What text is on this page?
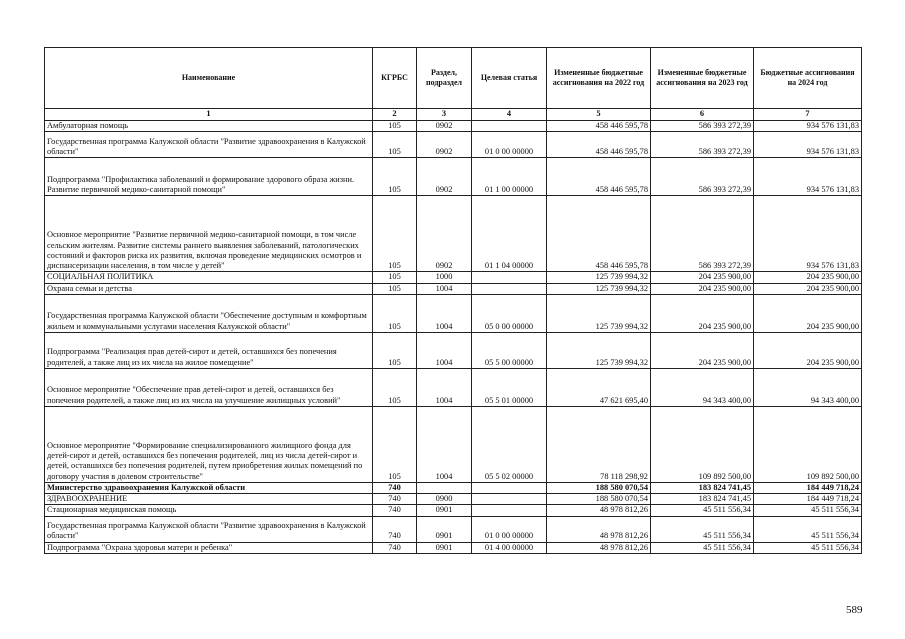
Наименование	КГРБС	Раздел, подраздел	Целевая статья	Измененные бюджетные ассигнования на 2022 год	Измененные бюджетные ассигнования на 2023 год	Бюджетные ассигнования на 2024 год
1	2	3	4	5	6	7
Амбулаторная помощь	105	0902		458 446 595,78	586 393 272,39	934 576 131,83
Государственная программа Калужской области "Развитие здравоохранения в Калужской области"	105	0902	01 0 00 00000	458 446 595,78	586 393 272,39	934 576 131,83
Подпрограмма "Профилактика заболеваний и формирование здорового образа жизни. Развитие первичной медико-санитарной помощи"	105	0902	01 1 00 00000	458 446 595,78	586 393 272,39	934 576 131,83
Основное мероприятие "Развитие первичной медико-санитарной помощи, в том числе сельским жителям. Развитие системы раннего выявления заболеваний, патологических состояний и факторов риска их развития, включая проведение медицинских осмотров и диспансеризации населения, в том числе у детей"	105	0902	01 1 04 00000	458 446 595,78	586 393 272,39	934 576 131,83
СОЦИАЛЬНАЯ ПОЛИТИКА	105	1000		125 739 994,32	204 235 900,00	204 235 900,00
Охрана семьи и детства	105	1004		125 739 994,32	204 235 900,00	204 235 900,00
Государственная программа Калужской области "Обеспечение доступным и комфортным жильем и коммунальными услугами населения Калужской области"	105	1004	05 0 00 00000	125 739 994,32	204 235 900,00	204 235 900,00
Подпрограмма "Реализация прав детей-сирот и детей, оставшихся без попечения родителей, а также лиц из их числа на жилое помещение"	105	1004	05 5 00 00000	125 739 994,32	204 235 900,00	204 235 900,00
Основное мероприятие "Обеспечение прав детей-сирот и детей, оставшихся без попечения родителей, а также лиц из их числа на улучшение жилищных условий"	105	1004	05 5 01 00000	47 621 695,40	94 343 400,00	94 343 400,00
Основное мероприятие "Формирование специализированного жилищного фонда для детей-сирот и детей, оставшихся без попечения родителей, лиц из числа детей-сирот и детей, оставшихся без попечения родителей, путем приобретения жилых помещений по договору участия в долевом строительстве"	105	1004	05 5 02 00000	78 118 298,92	109 892 500,00	109 892 500,00
Министерство здравоохранения Калужской области	740			188 580 070,54	183 824 741,45	184 449 718,24
ЗДРАВООХРАНЕНИЕ	740	0900		188 580 070,54	183 824 741,45	184 449 718,24
Стационарная медицинская помощь	740	0901		48 978 812,26	45 511 556,34	45 511 556,34
Государственная программа Калужской области "Развитие здравоохранения в Калужской области"	740	0901	01 0 00 00000	48 978 812,26	45 511 556,34	45 511 556,34
Подпрограмма "Охрана здоровья матери и ребенка"	740	0901	01 4 00 00000	48 978 812,26	45 511 556,34	45 511 556,34
589
